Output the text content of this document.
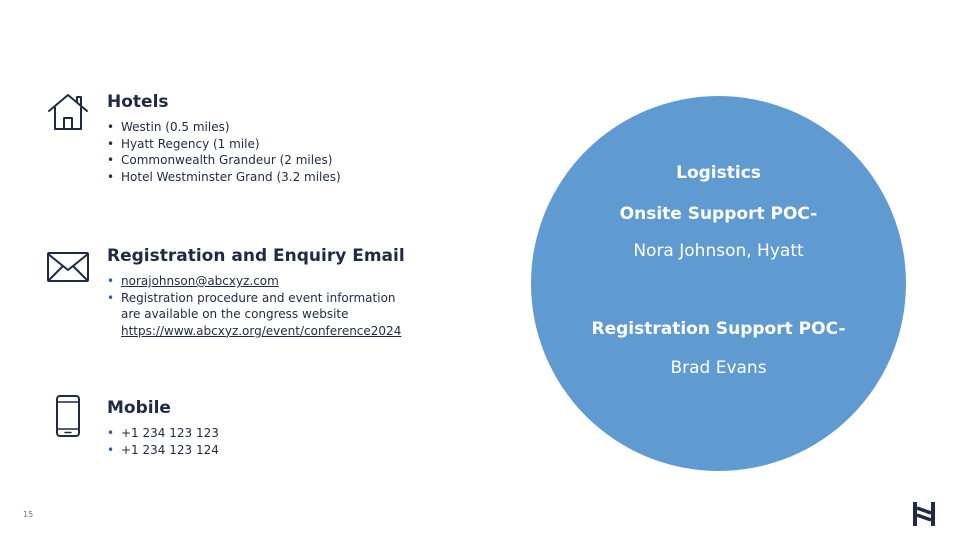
Hotels
• Westin (0.5 miles)
• Hyatt Regency (1 mile)
• Commonwealth Grandeur (2 miles)
• Hotel Westminster Grand (3.2 miles)
Registration and Enquiry Email
• norajohnson@abcxyz.com
• Registration procedure and event information
are available on the congress website
https://www.abcxyz.org/event/conference2024
Mobile
• +1 234 123 123
• +1 234 123 124
Logistics
Onsite Support POC-
Nora Johnson, Hyatt
Registration Support POC-
Brad Evans
15
